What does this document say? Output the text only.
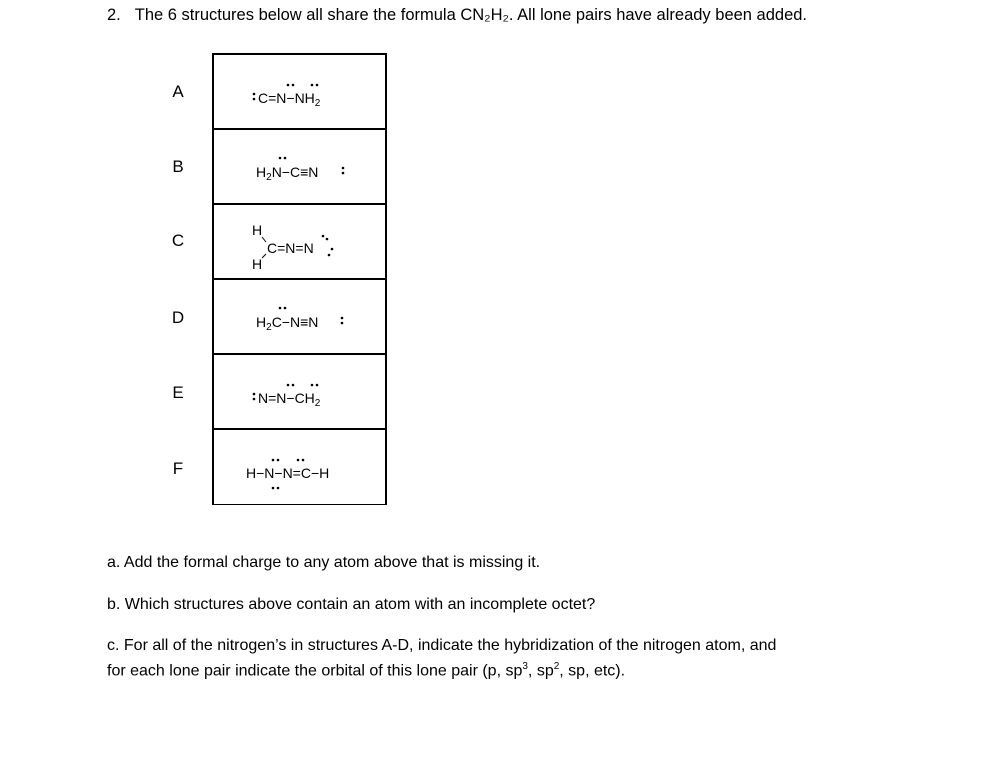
2. The 6 structures below all share the formula CN₂H₂. All lone pairs have already been added.
A
B
C
D
E
F
$C=N-NH_2$
$H_2N-C\equiv N$
H
H
C=N=N
$H_2C-N\equiv N$
$N=N-CH_2$
H−N−N=C−H
a. Add the formal charge to any atom above that is missing it.
b. Which structures above contain an atom with an incomplete octet?
c. For all of the nitrogen’s in structures A-D, indicate the hybridization of the nitrogen atom, and
for each lone pair indicate the orbital of this lone pair (p, $sp^3$, $sp^2$, sp, etc).
